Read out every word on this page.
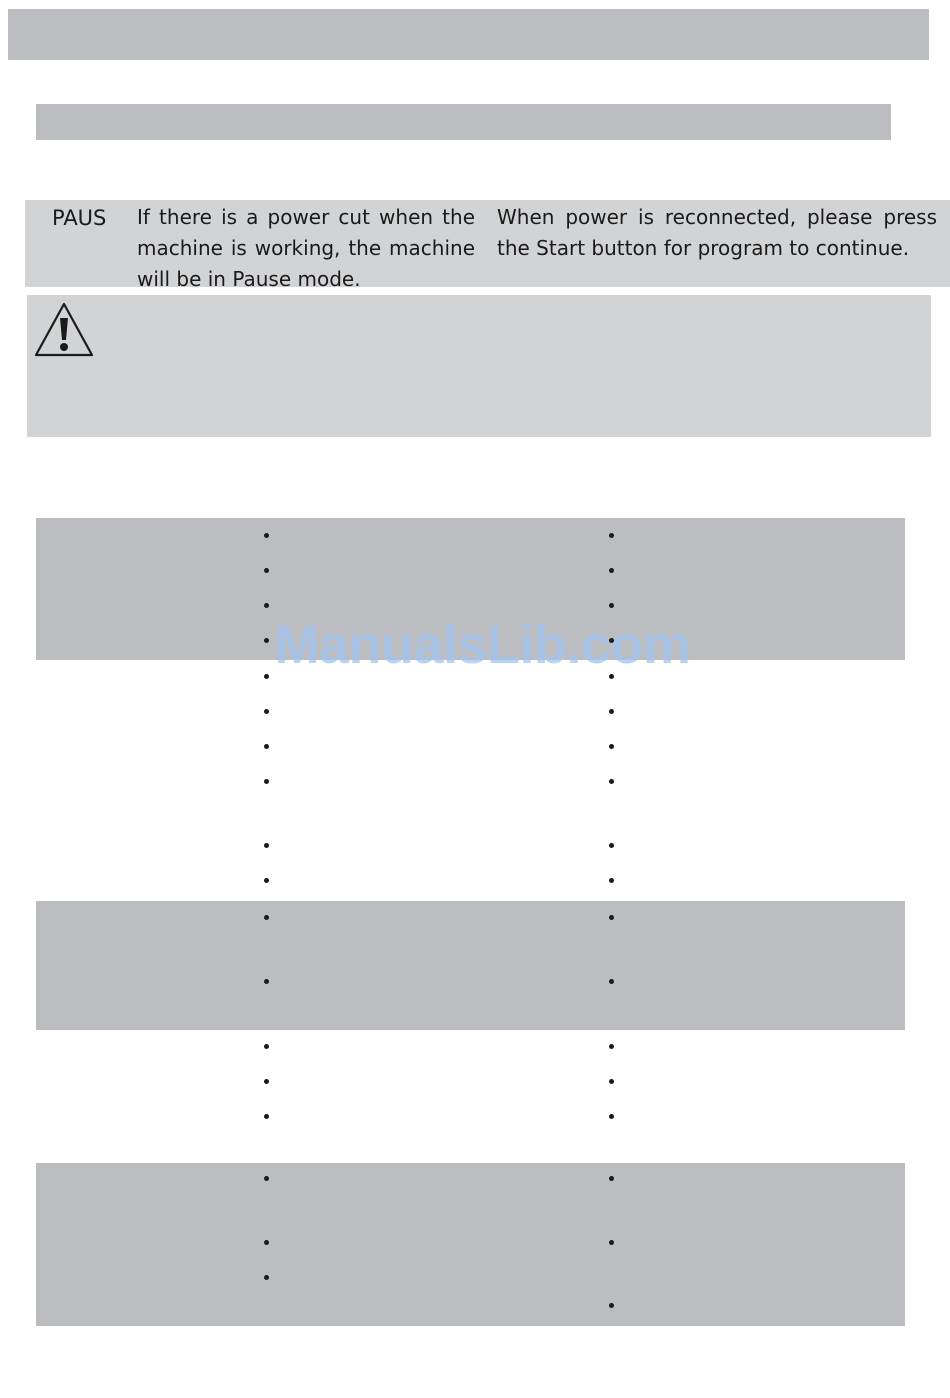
PAUS If there is a power cut when the machine is working, the machine will be in Pause mode.
When power is reconnected, please press the Start button for program to continue.
ManualsLib.com
